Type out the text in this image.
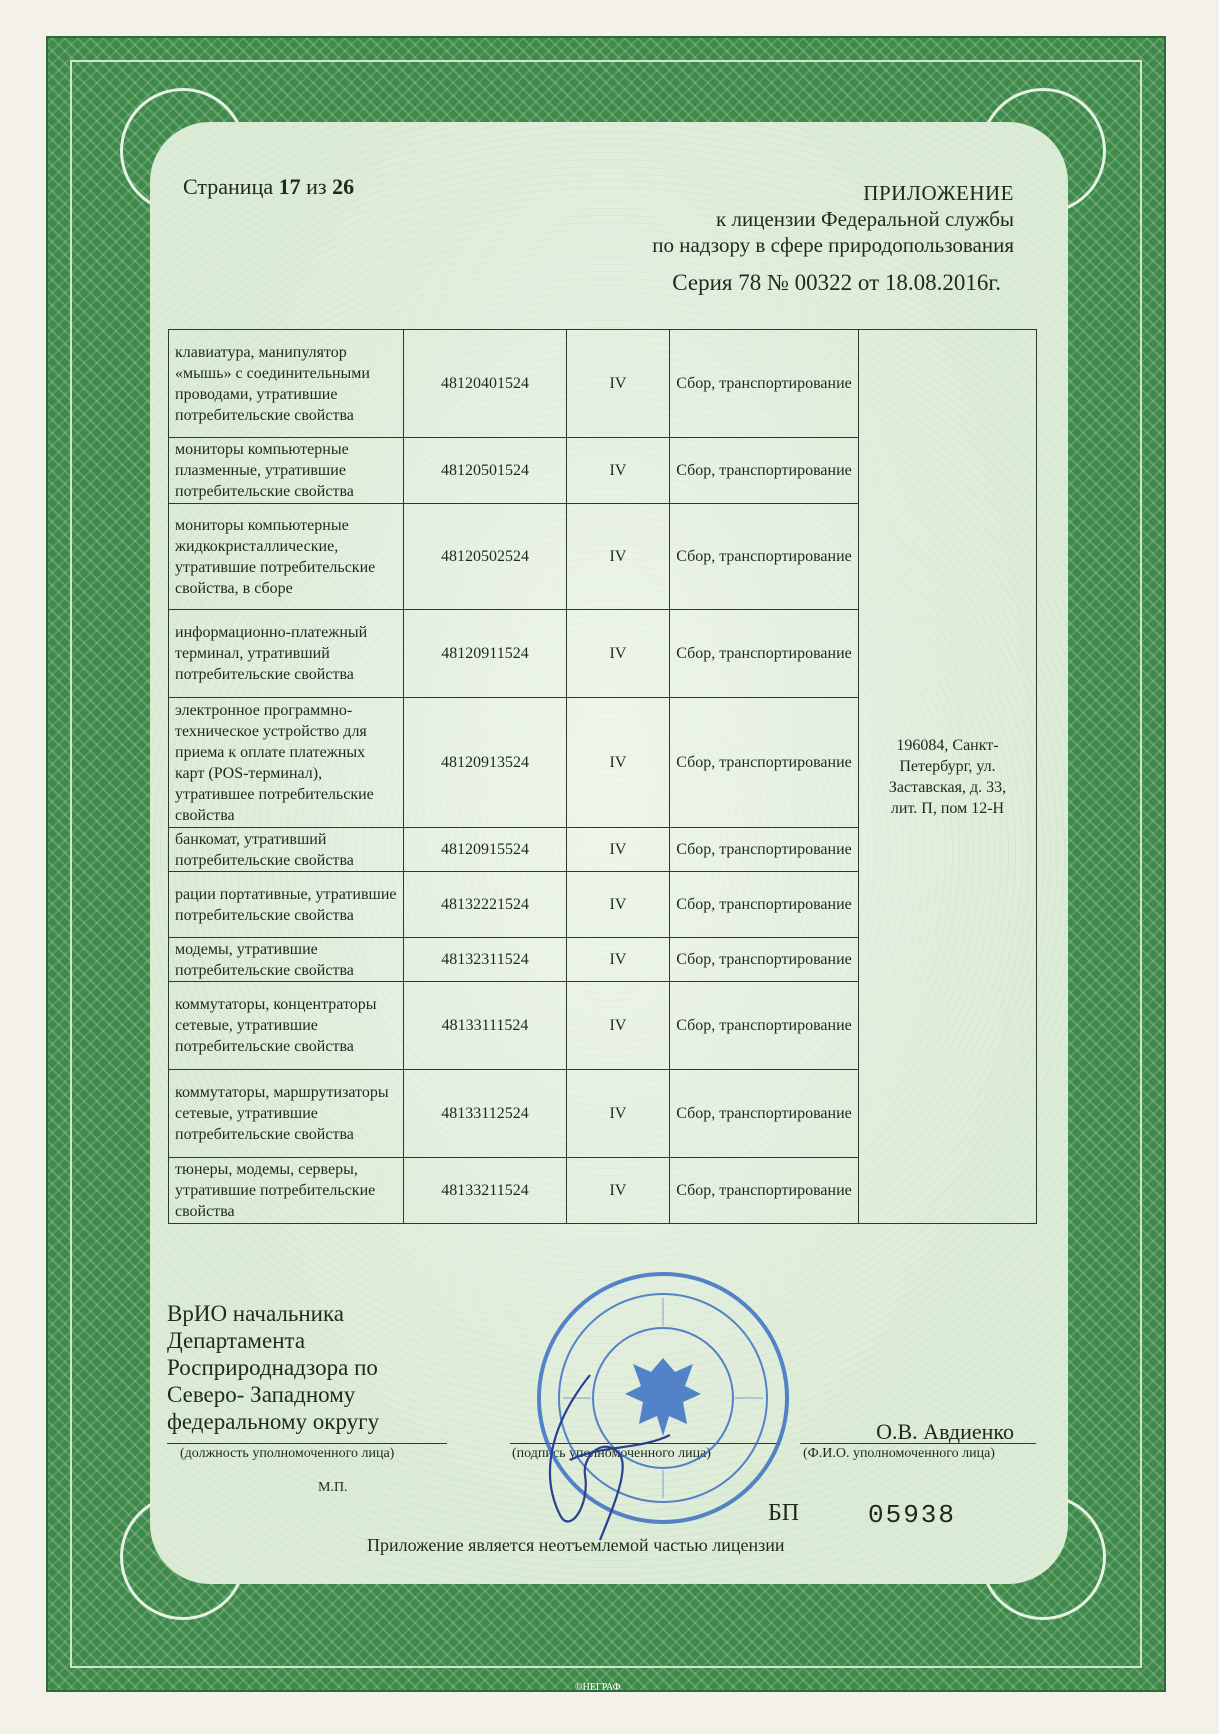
Страница 17 из 26	ПРИЛОЖЕНИЕ
к лицензии Федеральной службы
по надзору в сфере природопользования
Серия 78 № 00322 от 18.08.2016г.
клавиатура, манипулятор «мышь» с соединительными проводами, утратившие потребительские свойства	48120401524	IV	Сбор, транспортирование	196084, Санкт-Петербург, ул. Заставская, д. 33, лит. П, пом 12-Н

мониторы компьютерные плазменные, утратившие потребительские свойства	48120501524	IV	Сбор, транспортирование	
мониторы компьютерные жидкокристаллические, утратившие потребительские свойства, в сборе	48120502524	IV	Сбор, транспортирование	
информационно-платежный терминал, утративший потребительские свойства	48120911524	IV	Сбор, транспортирование	
электронное программно-техническое устройство для приема к оплате платежных карт (POS-терминал), утратившее потребительские свойства	48120913524	IV	Сбор, транспортирование	
банкомат, утративший потребительские свойства	48120915524	IV	Сбор, транспортирование	
рации портативные, утратившие потребительские свойства	48132221524	IV	Сбор, транспортирование	
модемы, утратившие потребительские свойства	48132311524	IV	Сбор, транспортирование	
коммутаторы, концентраторы сетевые, утратившие потребительские свойства	48133111524	IV	Сбор, транспортирование	
коммутаторы, маршрутизаторы сетевые, утратившие потребительские свойства	48133112524	IV	Сбор, транспортирование	
тюнеры, модемы, серверы, утратившие потребительские свойства	48133211524	IV	Сбор, транспортирование	
ВрИО начальника Департамента Росприроднадзора по Северо- Западному федеральному округу
(должность уполномоченного лица)	(подпись уполномоченного лица)	(Ф.И.О. уполномоченного лица)
О.В. Авдиенко
М.П.
БП	05938
Приложение является неотъемлемой частью лицензии
©НЕГРАФ
